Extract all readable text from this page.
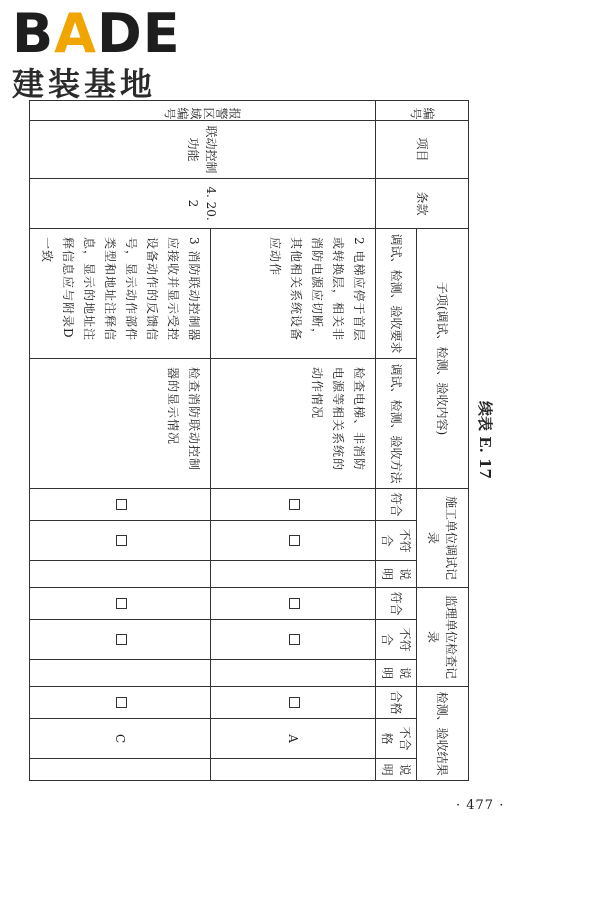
BADE
建装基地
续表 E. 17
编号	项目	条款	子项(调试、检测、验收内容)		施工单位调试记录			监理单位检查记录			检测、验收结果		
			调试、检测、验收要求	调试、检测、验收方法	符合	不符合	说明	符合	不符合	说明	合格	不合格	说明

报警区域编号	联动控制功能	4. 20. 2	2 电梯应停于首层或转换层，相关非消防电源应切断，其他相关系统设备应动作	检查电梯、非消防电源等相关系统的动作情况								A	
			3 消防联动控制器应接收并显示受控设备动作的反馈信号，显示动作部件类型和地址注释信息，显示的地址注释信息应与附录D一致	检查消防联动控制器的显示情况								C	
· 477 ·
